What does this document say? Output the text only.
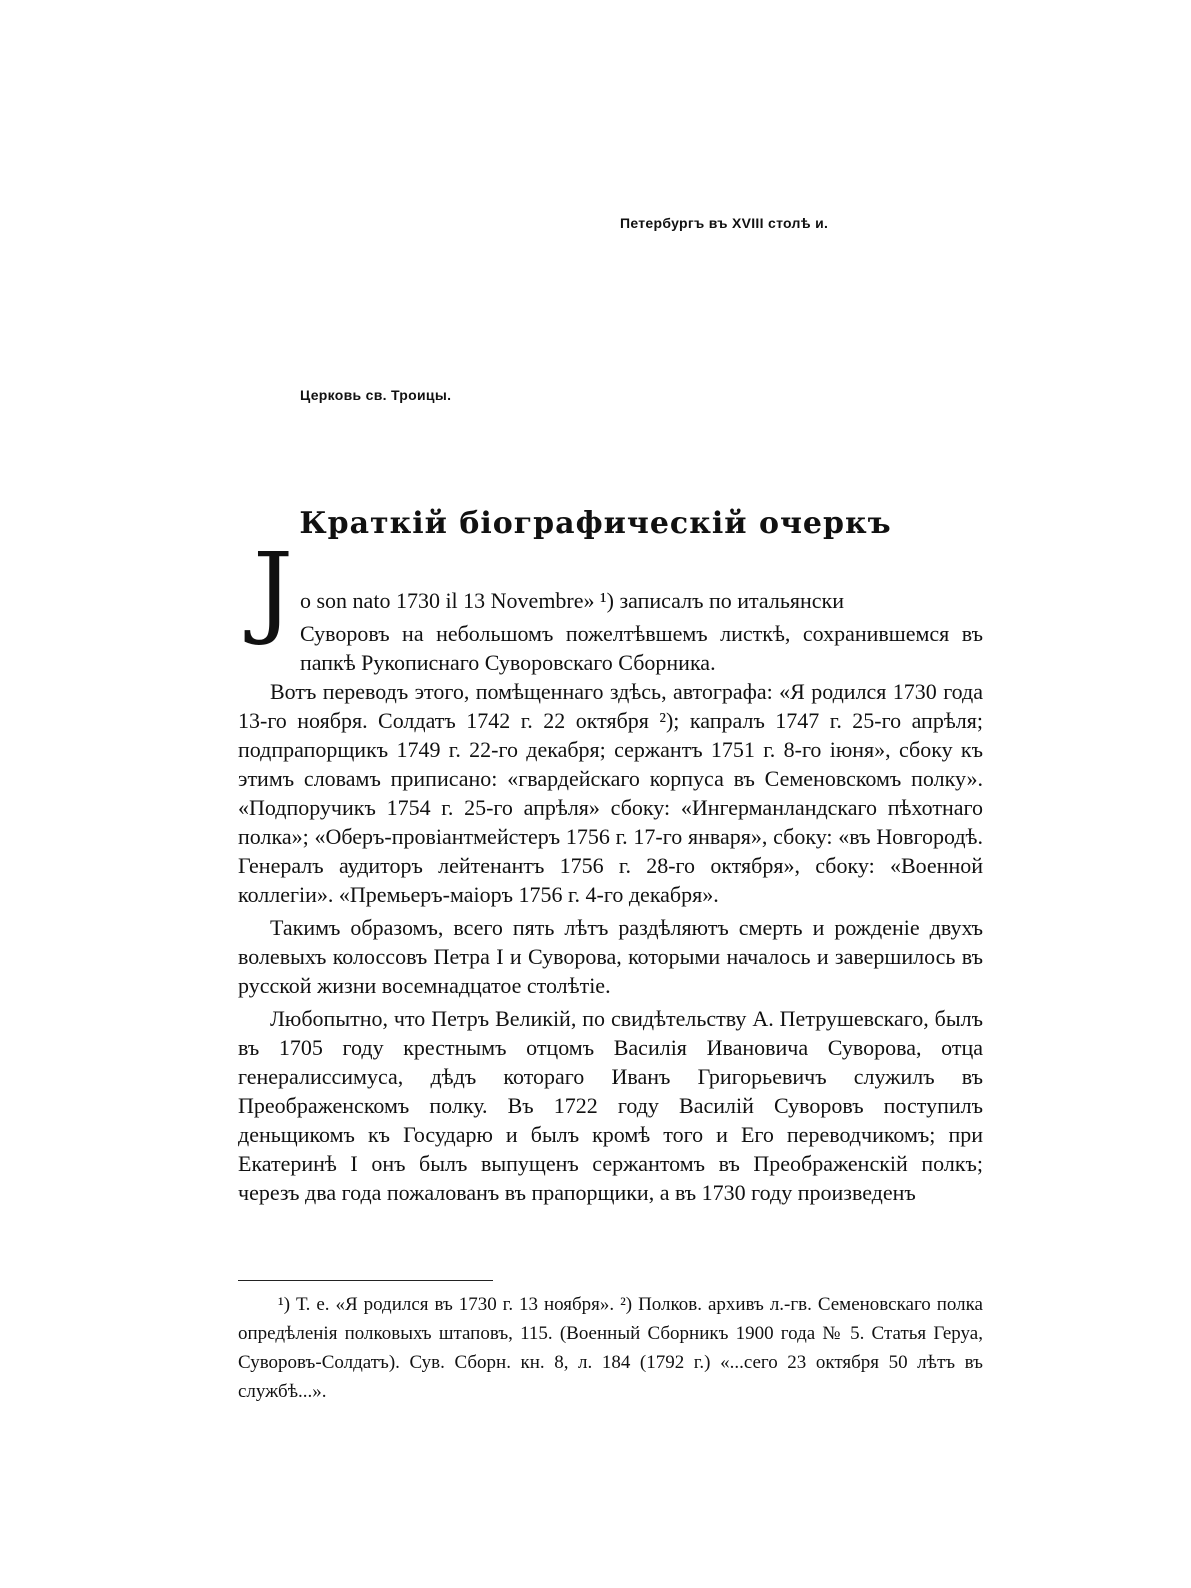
Петербургъ въ XVIII столѣ и.
Церковь св. Троицы.
Краткій біографическій очеркъ
J o son nato 1730 il 13 Novembre» ¹) записалъ по итальянски

Суворовъ на небольшомъ пожелтѣвшемъ листкѣ, сохранившемся въ папкѣ Рукописнаго Суворовскаго Сборника.

Вотъ переводъ этого, помѣщеннаго здѣсь, автографа: «Я родился 1730 года 13-го ноября. Солдатъ 1742 г. 22 октября ²); капралъ 1747 г. 25-го апрѣля; подпрапорщикъ 1749 г. 22-го декабря; сержантъ 1751 г. 8-го іюня», сбоку къ этимъ словамъ приписано: «гвардейскаго корпуса въ Семеновскомъ полку». «Подпоручикъ 1754 г. 25-го апрѣля» сбоку: «Ингерманландскаго пѣхотнаго полка»; «Оберъ-провіантмейстеръ 1756 г. 17-го января», сбоку: «въ Новгородѣ. Генералъ аудиторъ лейтенантъ 1756 г. 28-го октября», сбоку: «Военной коллегіи». «Премьеръ-маіоръ 1756 г. 4-го декабря».

Такимъ образомъ, всего пять лѣтъ раздѣляютъ смерть и рожденіе двухъ волевыхъ колоссовъ Петра I и Суворова, которыми началось и завершилось въ русской жизни восемнадцатое столѣтіе.

Любопытно, что Петръ Великій, по свидѣтельству А. Петрушевскаго, былъ въ 1705 году крестнымъ отцомъ Василія Ивановича Суворова, отца генералиссимуса, дѣдъ котораго Иванъ Григорьевичъ служилъ въ Преображенскомъ полку. Въ 1722 году Василій Суворовъ поступилъ деньщикомъ къ Государю и былъ кромѣ того и Его переводчикомъ; при Екатеринѣ I онъ былъ выпущенъ сержантомъ въ Преображенскій полкъ; черезъ два года пожалованъ въ прапорщики, а въ 1730 году произведенъ

¹) Т. е. «Я родился въ 1730 г. 13 ноября». ²) Полков. архивъ л.-гв. Семеновскаго полка опредѣленія полковыхъ штаповъ, 115. (Военный Сборникъ 1900 года № 5. Статья Геруа, Суворовъ-Солдатъ). Сув. Сборн. кн. 8, л. 184 (1792 г.) «...сего 23 октября 50 лѣтъ въ службѣ...».
